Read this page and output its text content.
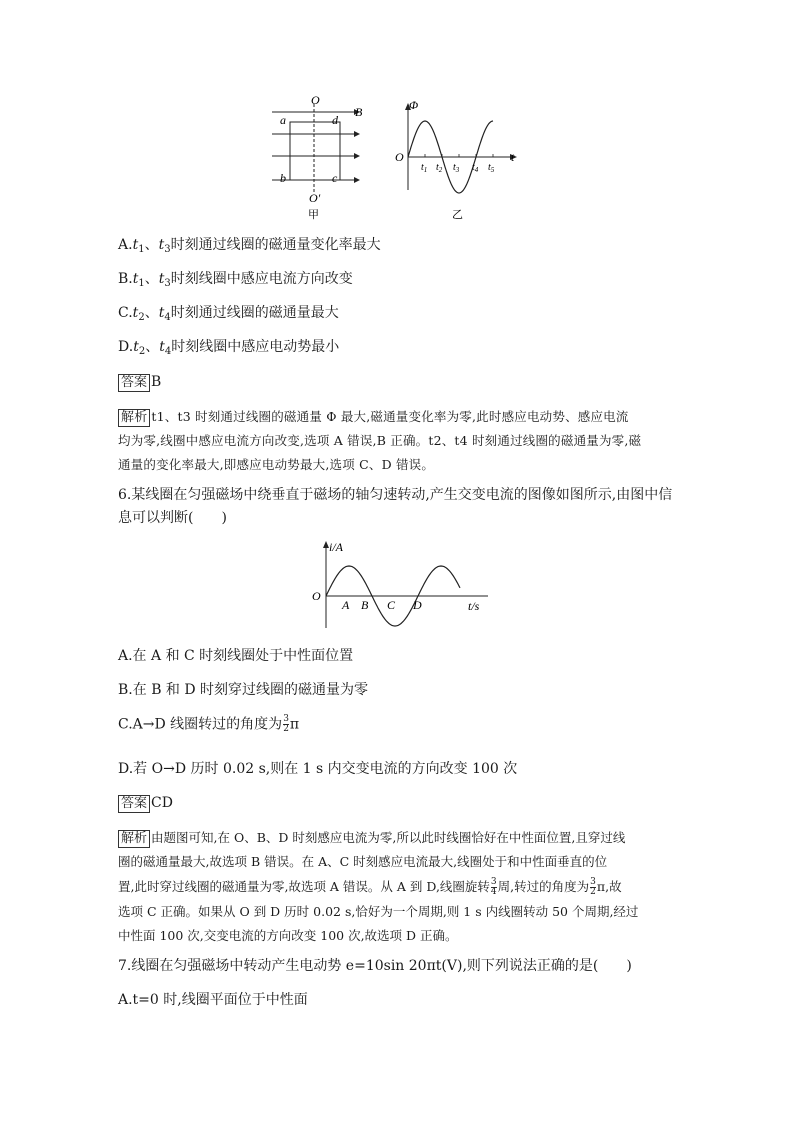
O
B
a	d
b	c
O′
甲
Φ
O	t
$t_1$ $t_2$ $t_3$ $t_4$ $t_5$
乙
$A.t_1$、$t_3$时刻通过线圈的磁通量变化率最大
$B.t_1$、$t_3$时刻线圈中感应电流方向改变
$C.t_2$、$t_4$时刻通过线圈的磁通量最大
$D.t_2$、$t_4$时刻线圈中感应电动势最小
答案 B
解析 t1、t3 时刻通过线圈的磁通量 Φ 最大,磁通量变化率为零,此时感应电动势、感应电流
均为零,线圈中感应电流方向改变,选项 A 错误,B 正确。t2、t4 时刻通过线圈的磁通量为零,磁
通量的变化率最大,即感应电动势最大,选项 C、D 错误。
6.某线圈在匀强磁场中绕垂直于磁场的轴匀速转动,产生交变电流的图像如图所示,由图中信
息可以判断(　　)
i/A
O
t/s
A B C D
A.在 A 和 C 时刻线圈处于中性面位置
B.在 B 和 D 时刻穿过线圈的磁通量为零
C.A→D 线圈转过的角度为 $\frac{3}{2}$ π
D.若 O→D 历时 0.02 s,则在 1 s 内交变电流的方向改变 100 次
答案 CD
解析 由题图可知,在 O、B、D 时刻感应电流为零,所以此时线圈恰好在中性面位置,且穿过线
圈的磁通量最大,故选项 B 错误。在 A、C 时刻感应电流最大,线圈处于和中性面垂直的位
置,此时穿过线圈的磁通量为零,故选项 A 错误。从 A 到 D,线圈旋转 $\frac{3}{4}$ 周,转过的角度为 $\frac{3}{2} \pi$,故
选项 C 正确。如果从 O 到 D 历时 0.02 s,恰好为一个周期,则 1 s 内线圈转动 50 个周期,经过
中性面 100 次,交变电流的方向改变 100 次,故选项 D 正确。
7.线圈在匀强磁场中转动产生电动势 e=10sin 20πt(V),则下列说法正确的是(　　)
A.t=0 时,线圈平面位于中性面
